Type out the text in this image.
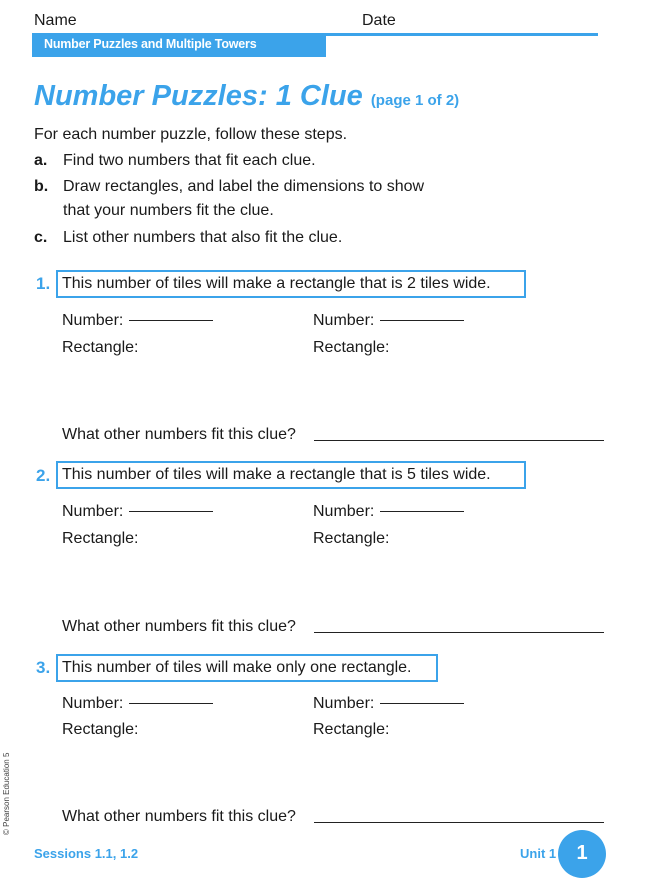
Name	Date
Number Puzzles and Multiple Towers
Number Puzzles: 1 Clue (page 1 of 2)
For each number puzzle, follow these steps.
a. Find two numbers that fit each clue.
b. Draw rectangles, and label the dimensions to show
that your numbers fit the clue.
c. List other numbers that also fit the clue.
1. This number of tiles will make a rectangle that is 2 tiles wide.
Number:	Number:
Rectangle:	Rectangle:
What other numbers fit this clue?
2. This number of tiles will make a rectangle that is 5 tiles wide.
Number:	Number:
Rectangle:	Rectangle:
What other numbers fit this clue?
3. This number of tiles will make only one rectangle.
Number:	Number:
Rectangle:	Rectangle:
What other numbers fit this clue?
© Pearson Education 5
Sessions 1.1, 1.2	Unit 1	1
